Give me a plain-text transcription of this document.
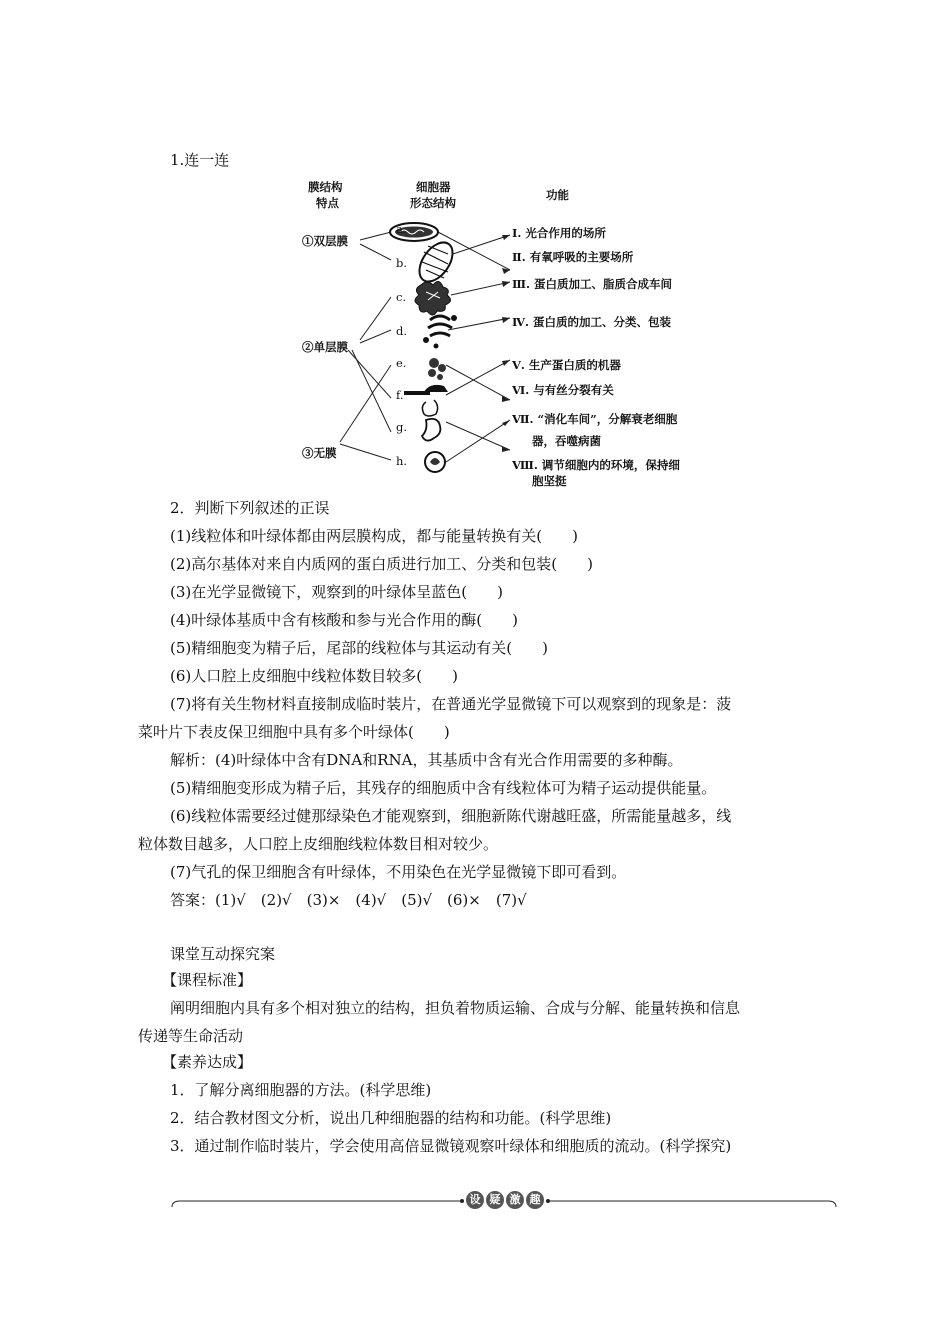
1.连一连
膜结构
特点
细胞器
形态结构
功能
①双层膜
②单层膜
③无膜
a.
b.
c.
d.
e.
f.
g.
h.
Ⅰ. 光合作用的场所
Ⅱ. 有氧呼吸的主要场所
Ⅲ. 蛋白质加工、脂质合成车间
Ⅳ. 蛋白质的加工、分类、包装
Ⅴ. 生产蛋白质的机器
Ⅵ. 与有丝分裂有关
Ⅶ. “消化车间”，分解衰老细胞
器，吞噬病菌
Ⅷ. 调节细胞内的环境，保持细
胞坚挺
2．判断下列叙述的正误
(1)线粒体和叶绿体都由两层膜构成，都与能量转换有关(　　)
(2)高尔基体对来自内质网的蛋白质进行加工、分类和包装(　　)
(3)在光学显微镜下，观察到的叶绿体呈蓝色(　　)
(4)叶绿体基质中含有核酸和参与光合作用的酶(　　)
(5)精细胞变为精子后，尾部的线粒体与其运动有关(　　)
(6)人口腔上皮细胞中线粒体数目较多(　　)
(7)将有关生物材料直接制成临时装片，在普通光学显微镜下可以观察到的现象是：菠
菜叶片下表皮保卫细胞中具有多个叶绿体(　　)
解析：(4)叶绿体中含有DNA和RNA，其基质中含有光合作用需要的多种酶。
(5)精细胞变形成为精子后，其残存的细胞质中含有线粒体可为精子运动提供能量。
(6)线粒体需要经过健那绿染色才能观察到，细胞新陈代谢越旺盛，所需能量越多，线
粒体数目越多，人口腔上皮细胞线粒体数目相对较少。
(7)气孔的保卫细胞含有叶绿体，不用染色在光学显微镜下即可看到。
答案：(1)√　(2)√　(3)×　(4)√　(5)√　(6)×　(7)√
课堂互动探究案
【课程标准】
阐明细胞内具有多个相对独立的结构，担负着物质运输、合成与分解、能量转换和信息
传递等生命活动
【素养达成】
1．了解分离细胞器的方法。(科学思维)
2．结合教材图文分析，说出几种细胞器的结构和功能。(科学思维)
3．通过制作临时装片，学会使用高倍显微镜观察叶绿体和细胞质的流动。(科学探究)
设 疑 激 趣
